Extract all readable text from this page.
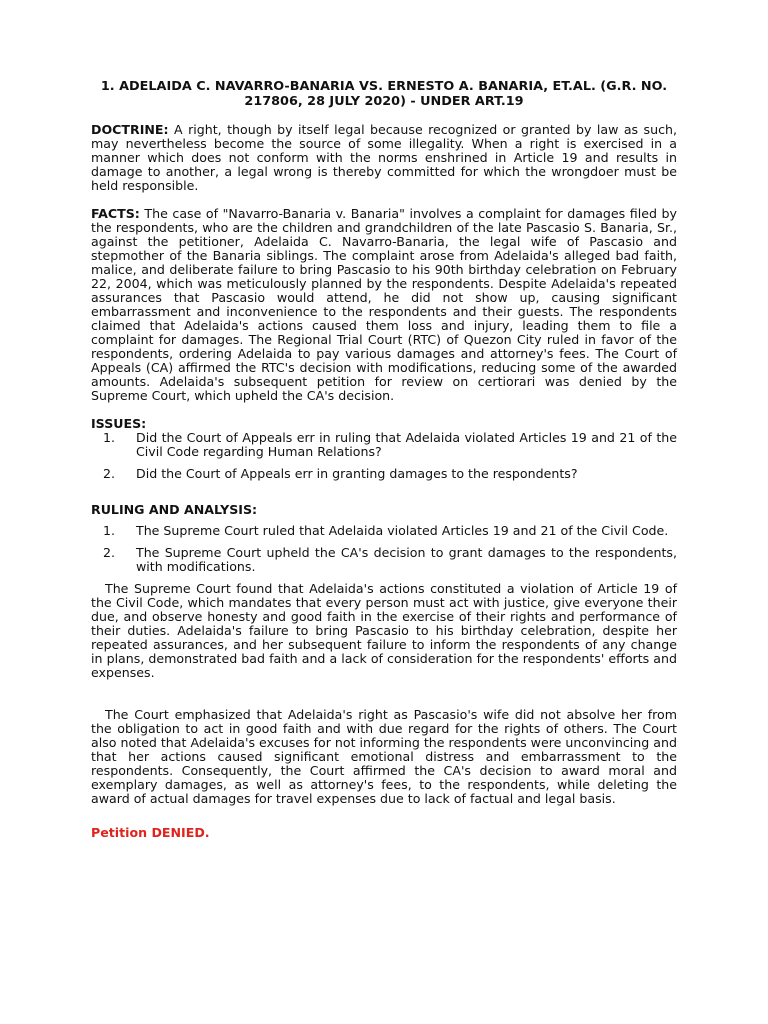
1. ADELAIDA C. NAVARRO-BANARIA VS. ERNESTO A. BANARIA, ET.AL. (G.R. NO. 217806, 28 JULY 2020) - UNDER ART.19

DOCTRINE: A right, though by itself legal because recognized or granted by law as such, may nevertheless become the source of some illegality. When a right is exercised in a manner which does not conform with the norms enshrined in Article 19 and results in damage to another, a legal wrong is thereby committed for which the wrongdoer must be held responsible.

FACTS: The case of "Navarro-Banaria v. Banaria" involves a complaint for damages filed by the respondents, who are the children and grandchildren of the late Pascasio S. Banaria, Sr., against the petitioner, Adelaida C. Navarro-Banaria, the legal wife of Pascasio and stepmother of the Banaria siblings. The complaint arose from Adelaida's alleged bad faith, malice, and deliberate failure to bring Pascasio to his 90th birthday celebration on February 22, 2004, which was meticulously planned by the respondents. Despite Adelaida's repeated assurances that Pascasio would attend, he did not show up, causing significant embarrassment and inconvenience to the respondents and their guests. The respondents claimed that Adelaida's actions caused them loss and injury, leading them to file a complaint for damages. The Regional Trial Court (RTC) of Quezon City ruled in favor of the respondents, ordering Adelaida to pay various damages and attorney's fees. The Court of Appeals (CA) affirmed the RTC's decision with modifications, reducing some of the awarded amounts. Adelaida's subsequent petition for review on certiorari was denied by the Supreme Court, which upheld the CA's decision.

ISSUES:
1. Did the Court of Appeals err in ruling that Adelaida violated Articles 19 and 21 of the Civil Code regarding Human Relations?
2. Did the Court of Appeals err in granting damages to the respondents?
RULING AND ANALYSIS:
1. The Supreme Court ruled that Adelaida violated Articles 19 and 21 of the Civil Code.
2. The Supreme Court upheld the CA's decision to grant damages to the respondents, with modifications.

The Supreme Court found that Adelaida's actions constituted a violation of Article 19 of the Civil Code, which mandates that every person must act with justice, give everyone their due, and observe honesty and good faith in the exercise of their rights and performance of their duties. Adelaida's failure to bring Pascasio to his birthday celebration, despite her repeated assurances, and her subsequent failure to inform the respondents of any change in plans, demonstrated bad faith and a lack of consideration for the respondents' efforts and expenses.

The Court emphasized that Adelaida's right as Pascasio's wife did not absolve her from the obligation to act in good faith and with due regard for the rights of others. The Court also noted that Adelaida's excuses for not informing the respondents were unconvincing and that her actions caused significant emotional distress and embarrassment to the respondents. Consequently, the Court affirmed the CA's decision to award moral and exemplary damages, as well as attorney's fees, to the respondents, while deleting the award of actual damages for travel expenses due to lack of factual and legal basis.

Petition DENIED.
